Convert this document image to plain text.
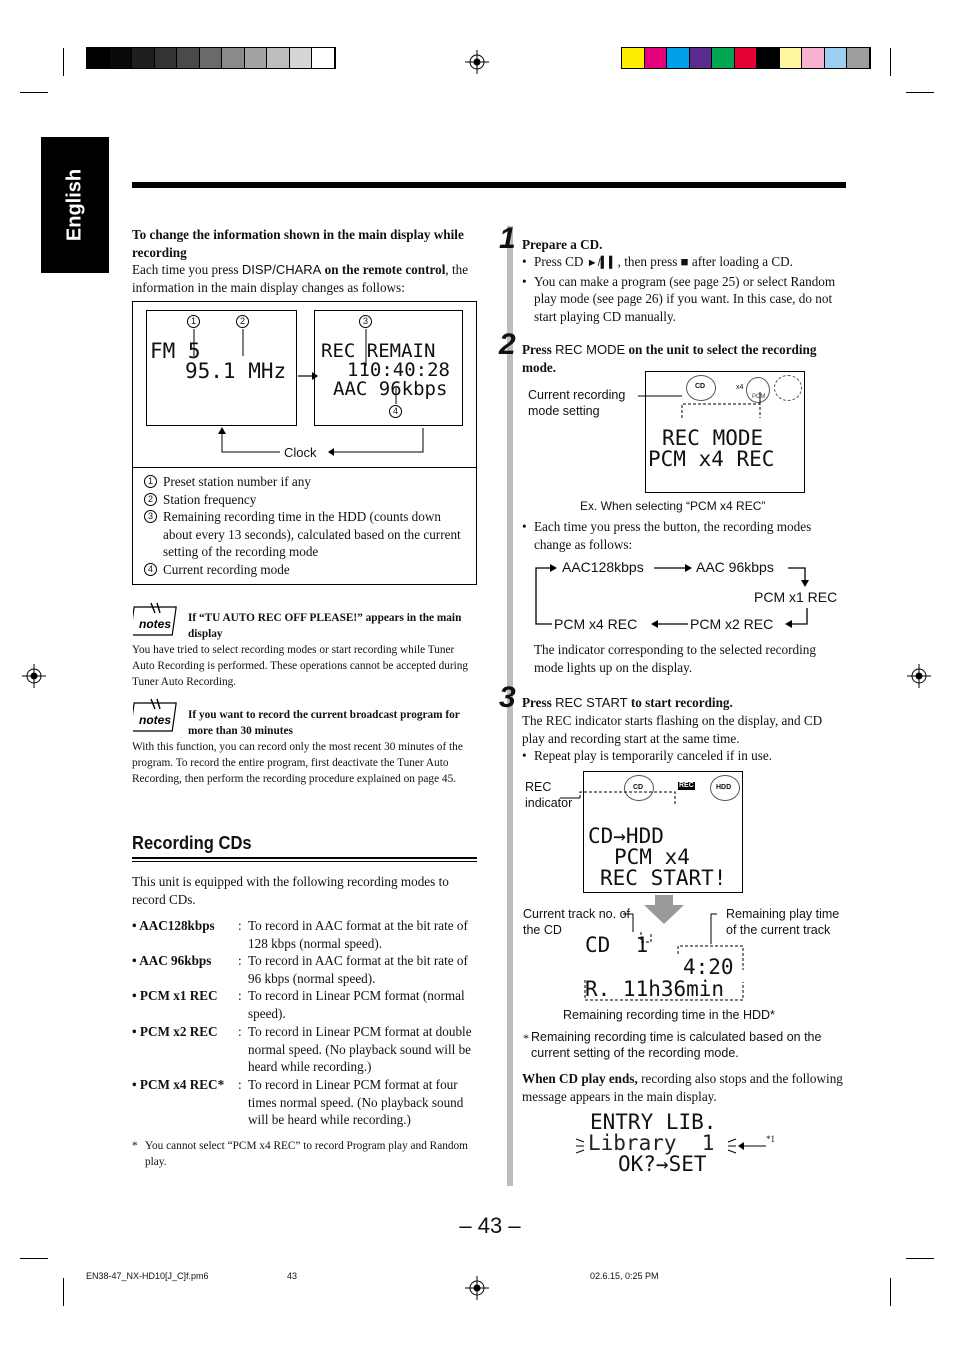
English	To change the information shown in the main display while recording
Each time you press DISP/CHARA on the remote control, the information in the main display changes as follows:
FM 5
95.1 MHz
REC REMAIN
110:40:28
AAC 96kbps
1	2	3
4
Clock
1 Preset station number if any
2 Station frequency
3 Remaining recording time in the HDD (counts down about every 13 seconds), calculated based on the current setting of the recording mode
4 Current recording mode
notes If “TU AUTO REC OFF PLEASE!” appears in the main display
You have tried to select recording modes or start recording while Tuner Auto Recording is performed. These operations cannot be accepted during Tuner Auto Recording.
notes If you want to record the current broadcast program for more than 30 minutes
With this function, you can record only the most recent 30 minutes of the program. To record the entire program, first deactivate the Tuner Auto Recording, then perform the recording procedure explained on page 45.
Recording CDs
This unit is equipped with the following recording modes to record CDs.
• AAC128kbps : To record in AAC format at the bit rate of 128 kbps (normal speed).
• AAC 96kbps : To record in AAC format at the bit rate of 96 kbps (normal speed).
• PCM x1 REC : To record in Linear PCM format (normal speed).
• PCM x2 REC : To record in Linear PCM format at double normal speed. (No playback sound will be heard while recording.)
• PCM x4 REC* : To record in Linear PCM format at four times normal speed. (No playback sound will be heard while recording.)
* You cannot select “PCM x4 REC” to record Program play and Random play.
1 Prepare a CD.
• Press CD ►/▍▍, then press ■ after loading a CD.
• You can make a program (see page 25) or select Random play mode (see page 26) if you want. In this case, do not start playing CD manually.
2 Press REC MODE on the unit to select the recording mode.
Current recording mode setting
CD	x4
PCM
REC MODE
PCM x4 REC
Ex. When selecting “PCM x4 REC”
• Each time you press the button, the recording modes change as follows:
AAC128kbps	AAC 96kbps
PCM x1 REC
PCM x2 REC
PCM x4 REC
The indicator corresponding to the selected recording mode lights up on the display.
3 Press REC START to start recording.
The REC indicator starts flashing on the display, and CD play and recording start at the same time.
• Repeat play is temporarily canceled if in use.
REC indicator
CD	REC	HDD
CD→HDD
PCM x4
REC START!
Current track no. of the CD
Remaining play time of the current track
CD  1
4:20
R. 11h36min
Remaining recording time in the HDD*
* Remaining recording time is calculated based on the current setting of the recording mode.
When CD play ends, recording also stops and the following message appears in the main display.
ENTRY LIB.
Library  1
OK?→SET
*1
– 43 –
EN38-47_NX-HD10[J_C]f.pm6	43	02.6.15, 0:25 PM
